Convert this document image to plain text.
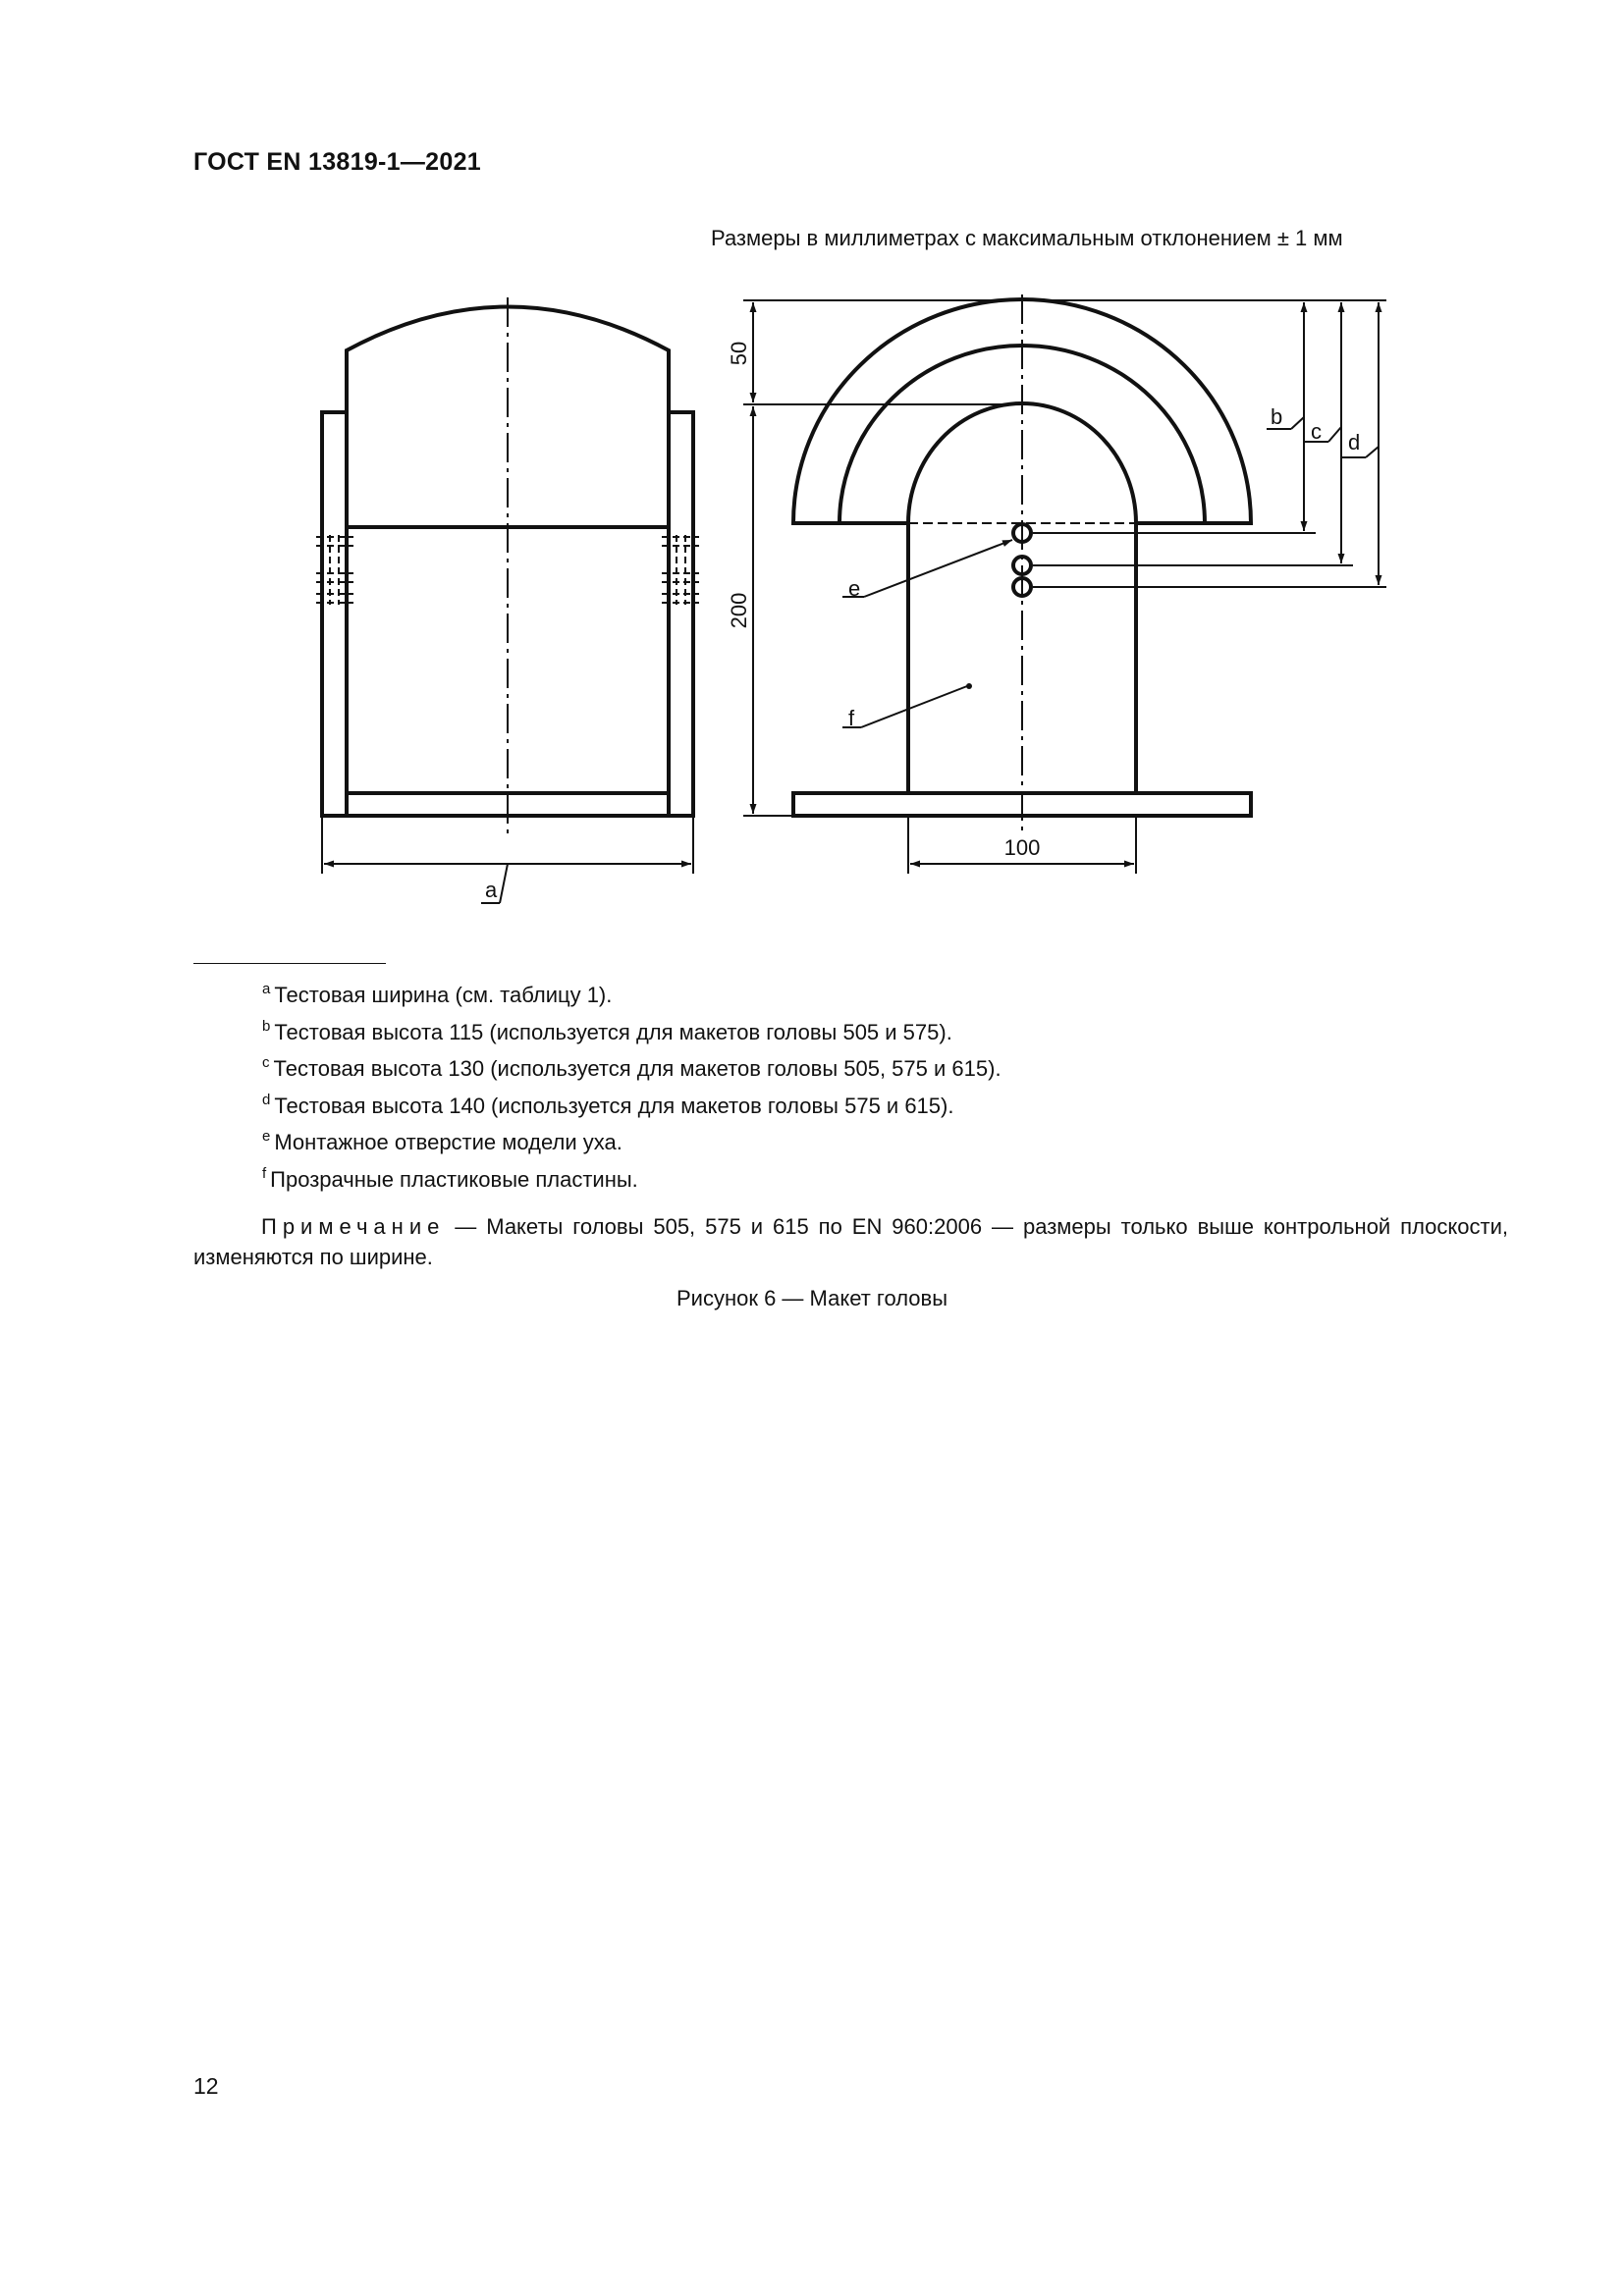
ГОСТ EN 13819-1—2021
Размеры в миллиметрах с максимальным отклонением ± 1 мм
a
50
200
100
b
c d
e
f
$^a$ Тестовая ширина (см. таблицу 1).
$^b$ Тестовая высота 115 (используется для макетов головы 505 и 575).
$^c$ Тестовая высота 130 (используется для макетов головы 505, 575 и 615).
$^d$ Тестовая высота 140 (используется для макетов головы 575 и 615).
$^e$ Монтажное отверстие модели уха.
$^f$ Прозрачные пластиковые пластины.
Примечание — Макеты головы 505, 575 и 615 по EN 960:2006 — размеры только выше контрольной плоскости, изменяются по ширине.
Рисунок 6 — Макет головы
12
